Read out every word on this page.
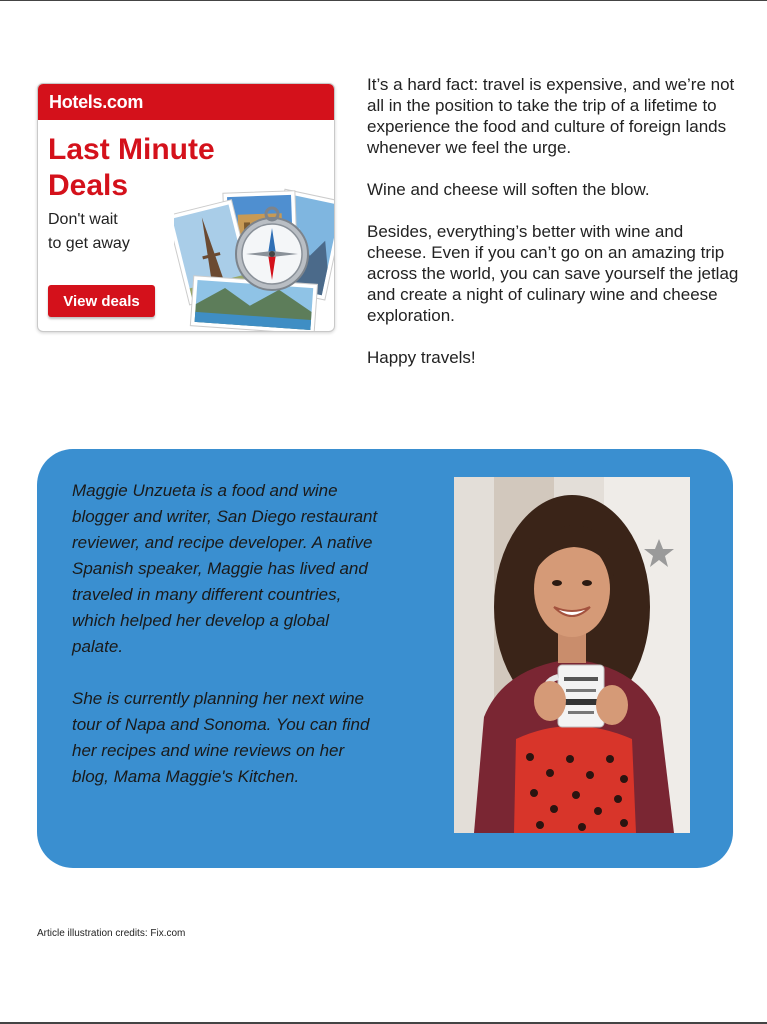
Hotels.com
Last Minute
Deals
Don't wait
to get away
View deals

It’s a hard fact: travel is expensive, and we’re not all in the position to take the trip of a lifetime to experience the food and culture of foreign lands whenever we feel the urge.

Wine and cheese will soften the blow.

Besides, everything’s better with wine and cheese. Even if you can’t go on an amazing trip across the world, you can save yourself the jetlag and create a night of culinary wine and cheese exploration.

Happy travels!

Maggie Unzueta is a food and wine blogger and writer, San Diego restaurant reviewer, and recipe developer. A native Spanish speaker, Maggie has lived and traveled in many different countries, which helped her develop a global palate.

She is currently planning her next wine tour of Napa and Sonoma. You can find her recipes and wine reviews on her blog, Mama Maggie's Kitchen.

Article illustration credits: Fix.com
